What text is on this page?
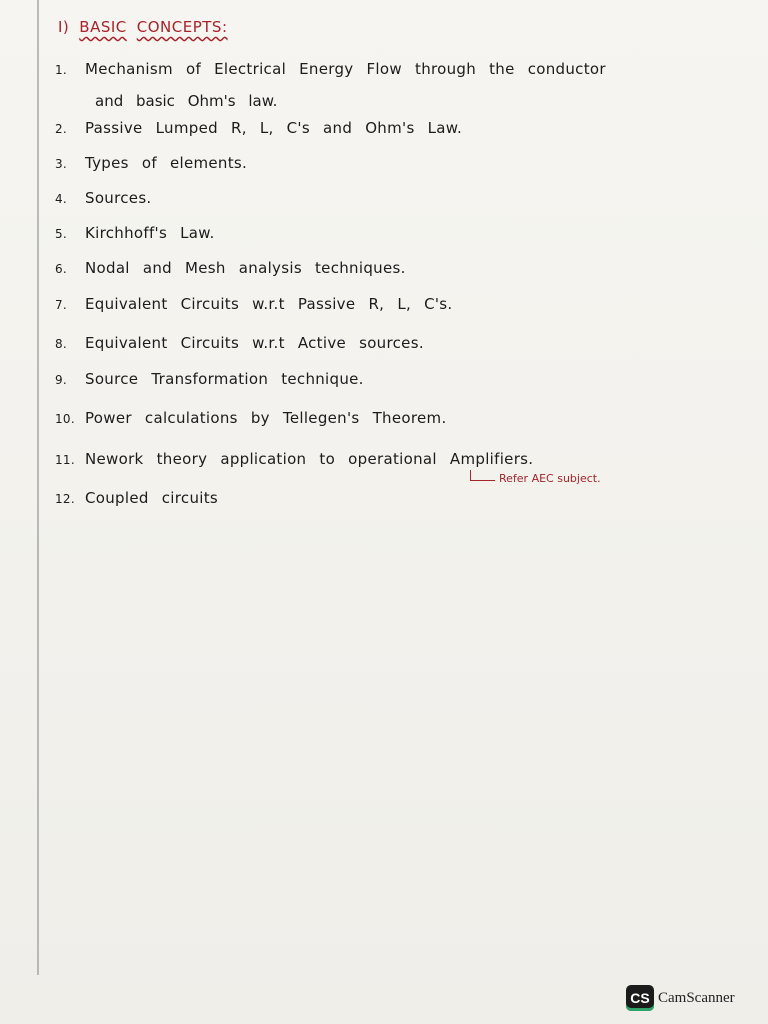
I) BASIC CONCEPTS:
1. Mechanism of Electrical Energy Flow through the conductor
and basic Ohm's law.
2. Passive Lumped R, L, C's and Ohm's Law.
3. Types of elements.
4. Sources.
5. Kirchhoff's Law.
6. Nodal and Mesh analysis techniques.
7. Equivalent Circuits w.r.t Passive R, L, C's.
8. Equivalent Circuits w.r.t Active sources.
9. Source Transformation technique.
10. Power calculations by Tellegen's Theorem.
11. Nework theory application to operational Amplifiers.
12. Coupled circuits
Refer AEC subject.
CS CamScanner
